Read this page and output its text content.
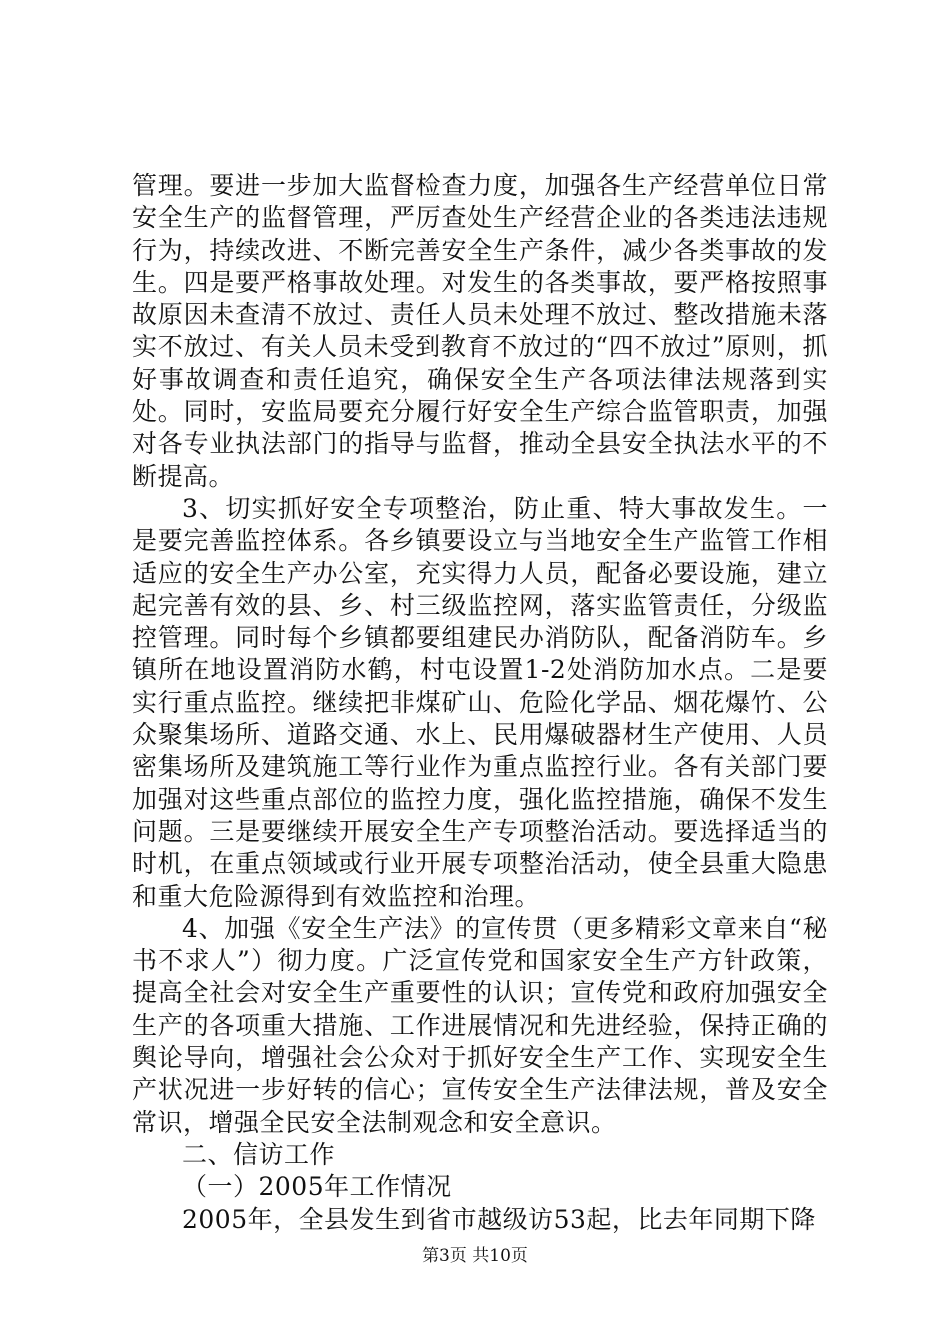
管理。要进一步加大监督检查力度，加强各生产经营单位日常安全生产的监督管理，严厉查处生产经营企业的各类违法违规行为，持续改进、不断完善安全生产条件，减少各类事故的发生。四是要严格事故处理。对发生的各类事故，要严格按照事故原因未查清不放过、责任人员未处理不放过、整改措施未落实不放过、有关人员未受到教育不放过的“四不放过”原则，抓好事故调查和责任追究，确保安全生产各项法律法规落到实处。同时，安监局要充分履行好安全生产综合监管职责，加强对各专业执法部门的指导与监督，推动全县安全执法水平的不断提高。

3、切实抓好安全专项整治，防止重、特大事故发生。一是要完善监控体系。各乡镇要设立与当地安全生产监管工作相适应的安全生产办公室，充实得力人员，配备必要设施，建立起完善有效的县、乡、村三级监控网，落实监管责任，分级监控管理。同时每个乡镇都要组建民办消防队，配备消防车。乡镇所在地设置消防水鹤，村屯设置1-2处消防加水点。二是要实行重点监控。继续把非煤矿山、危险化学品、烟花爆竹、公众聚集场所、道路交通、水上、民用爆破器材生产使用、人员密集场所及建筑施工等行业作为重点监控行业。各有关部门要加强对这些重点部位的监控力度，强化监控措施，确保不发生问题。三是要继续开展安全生产专项整治活动。要选择适当的时机，在重点领域或行业开展专项整治活动，使全县重大隐患和重大危险源得到有效监控和治理。

4、加强《安全生产法》的宣传贯（更多精彩文章来自“秘书不求人”）彻力度。广泛宣传党和国家安全生产方针政策，提高全社会对安全生产重要性的认识；宣传党和政府加强安全生产的各项重大措施、工作进展情况和先进经验，保持正确的舆论导向，增强社会公众对于抓好安全生产工作、实现安全生产状况进一步好转的信心；宣传安全生产法律法规，普及安全常识，增强全民安全法制观念和安全意识。

二、信访工作

（一）2005年工作情况

2005年，全县发生到省市越级访53起，比去年同期下降

第3页 共10页
